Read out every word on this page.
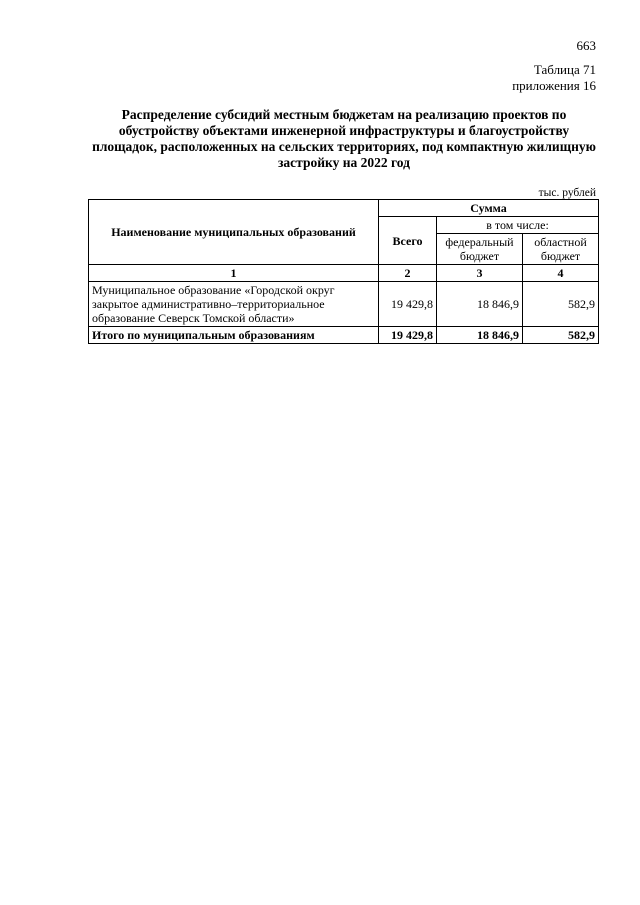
663
Таблица 71
приложения 16
Распределение субсидий местным бюджетам на реализацию проектов по обустройству объектами инженерной инфраструктуры и благоустройству площадок, расположенных на сельских территориях, под компактную жилищную застройку на 2022 год
тыс. рублей
Наименование муниципальных образований	Сумма		
	Всего	в том числе:	
		федеральный бюджет	областной бюджет
1	2	3	4
Муниципальное образование «Городской округ закрытое административно–территориальное образование Северск Томской области»	19 429,8	18 846,9	582,9
Итого по муниципальным образованиям	19 429,8	18 846,9	582,9
